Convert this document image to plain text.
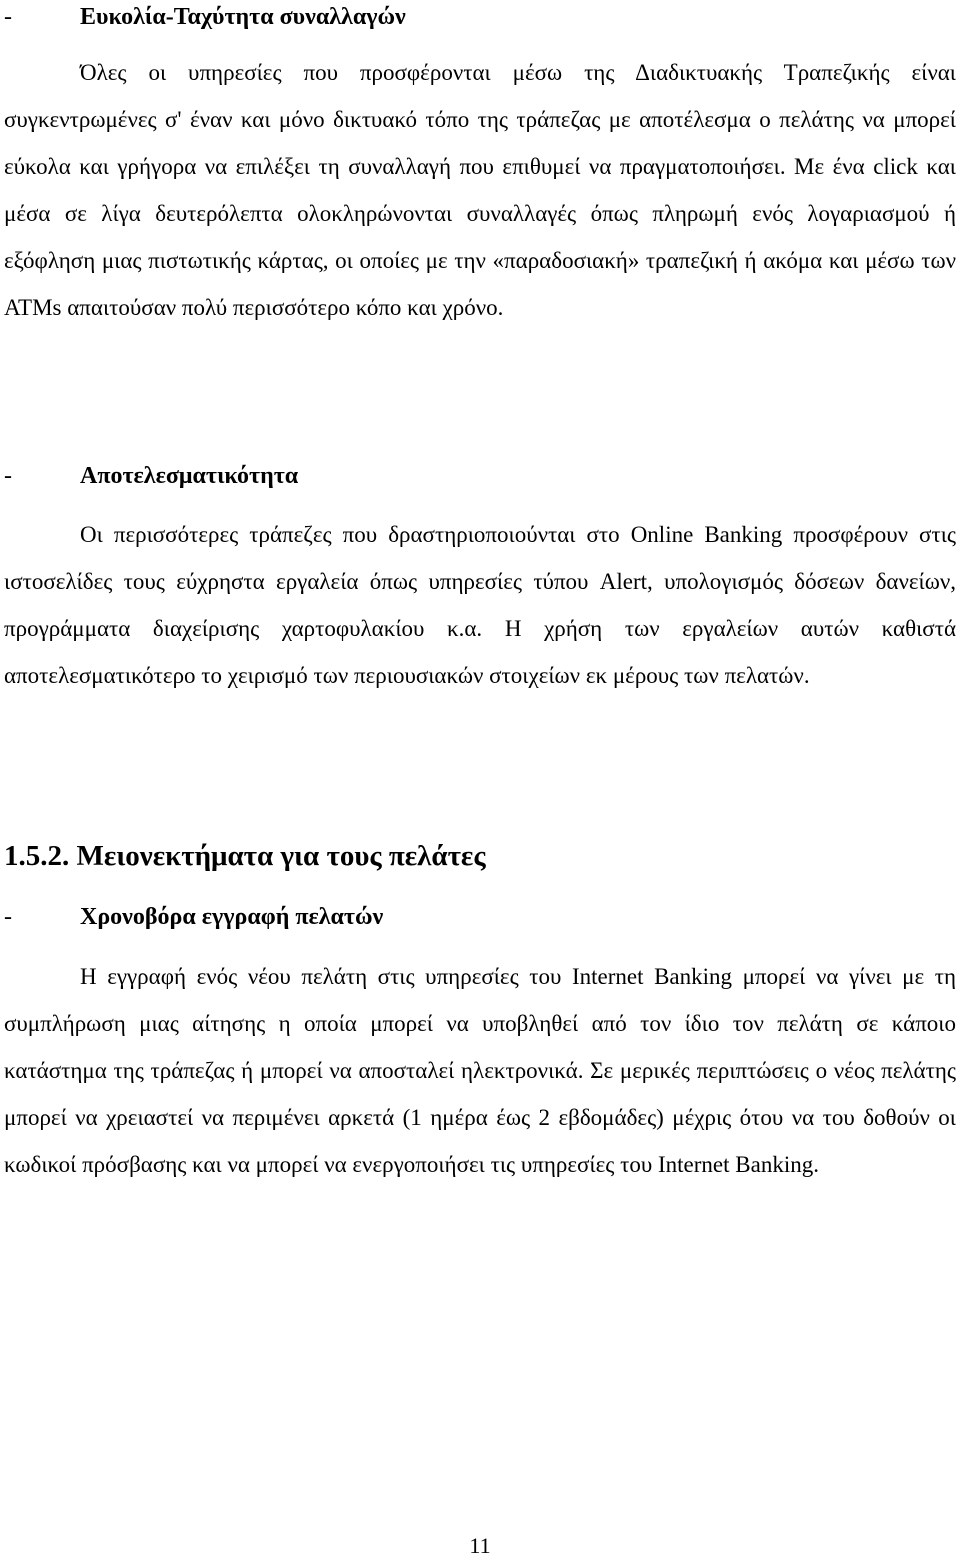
-	Ευκολία-Ταχύτητα συναλλαγών

Όλες οι υπηρεσίες που προσφέρονται μέσω της Διαδικτυακής Τραπεζικής είναι συγκεντρωμένες σ' έναν και μόνο δικτυακό τόπο της τράπεζας με αποτέλεσμα ο πελάτης να μπορεί εύκολα και γρήγορα να επιλέξει τη συναλλαγή που επιθυμεί να πραγματοποιήσει. Με ένα click και μέσα σε λίγα δευτερόλεπτα ολοκληρώνονται συναλλαγές όπως πληρωμή ενός λογαριασμού ή εξόφληση μιας πιστωτικής κάρτας, οι οποίες με την «παραδοσιακή» τραπεζική ή ακόμα και μέσω των ATMs απαιτούσαν πολύ περισσότερο κόπο και χρόνο.

-	Αποτελεσματικότητα

Οι περισσότερες τράπεζες που δραστηριοποιούνται στο Online Banking προσφέρουν στις ιστοσελίδες τους εύχρηστα εργαλεία όπως υπηρεσίες τύπου Alert, υπολογισμός δόσεων δανείων, προγράμματα διαχείρισης χαρτοφυλακίου κ.α. Η χρήση των εργαλείων αυτών καθιστά αποτελεσματικότερο το χειρισμό των περιουσιακών στοιχείων εκ μέρους των πελατών.

1.5.2. Μειονεκτήματα για τους πελάτες
-	Χρονοβόρα εγγραφή πελατών

Η εγγραφή ενός νέου πελάτη στις υπηρεσίες του Internet Banking μπορεί να γίνει με τη συμπλήρωση μιας αίτησης η οποία μπορεί να υποβληθεί από τον ίδιο τον πελάτη σε κάποιο κατάστημα της τράπεζας ή μπορεί να αποσταλεί ηλεκτρονικά. Σε μερικές περιπτώσεις ο νέος πελάτης μπορεί να χρειαστεί να περιμένει αρκετά (1 ημέρα έως 2 εβδομάδες) μέχρις ότου να του δοθούν οι κωδικοί πρόσβασης και να μπορεί να ενεργοποιήσει τις υπηρεσίες του Internet Banking.

11
